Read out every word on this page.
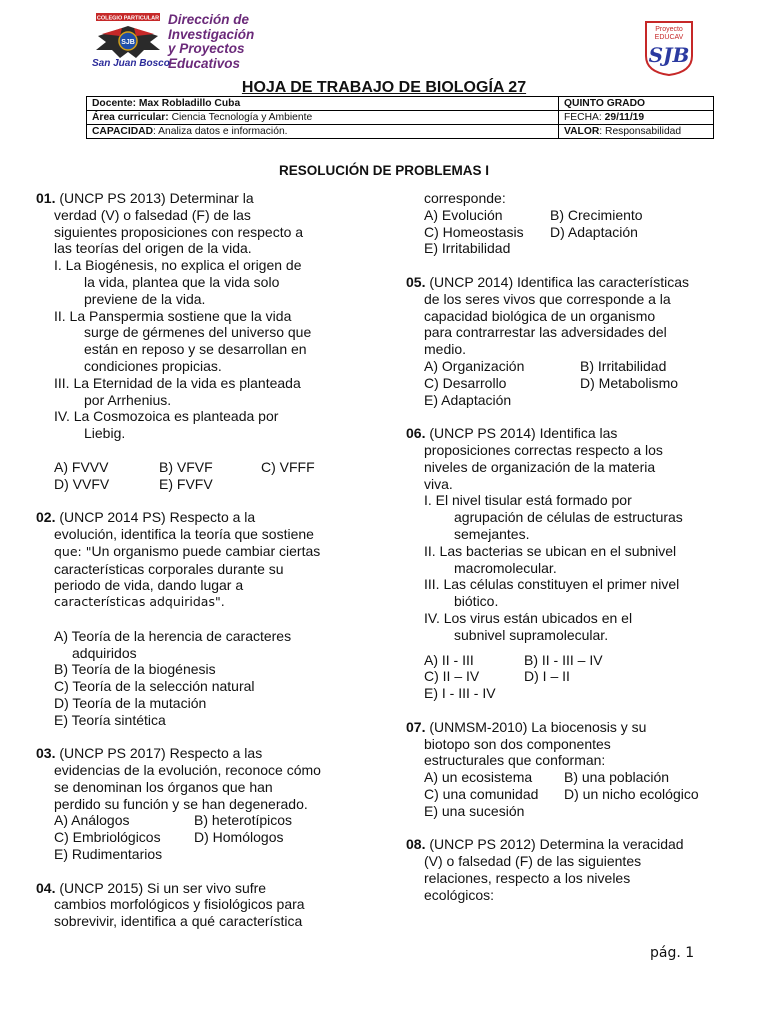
COLEGIO PARTICULAR
SJB
Dirección de
Investigación
y Proyectos
Educativos
San Juan Bosco
Proyecto
EDUCAV
SJB
HOJA DE TRABAJO DE BIOLOGÍA 27
Docente: Max Robladillo Cuba	QUINTO GRADO
Área curricular: Ciencia Tecnología y Ambiente	FECHA: 29/11/19
CAPACIDAD: Analiza datos e información.	VALOR: Responsabilidad
RESOLUCIÓN DE PROBLEMAS I
01. (UNCP PS 2013) Determinar la
verdad (V) o falsedad (F) de las
siguientes proposiciones con respecto a
las teorías del origen de la vida.
I. La Biogénesis, no explica el origen de
la vida, plantea que la vida solo
previene de la vida.
II. La Panspermia sostiene que la vida
surge de gérmenes del universo que
están en reposo y se desarrollan en
condiciones propicias.
III. La Eternidad de la vida es planteada
por Arrhenius.
IV. La Cosmozoica es planteada por
Liebig.
A) FVVV	B) VFVF	C) VFFF
D) VVFV	E) FVFV
02. (UNCP 2014 PS) Respecto a la
evolución, identifica la teoría que sostiene
que: "Un organismo puede cambiar ciertas
características corporales durante su
periodo de vida, dando lugar a
características adquiridas".
A) Teoría de la herencia de caracteres
adquiridos
B) Teoría de la biogénesis
C) Teoría de la selección natural
D) Teoría de la mutación
E) Teoría sintética
03. (UNCP PS 2017) Respecto a las
evidencias de la evolución, reconoce cómo
se denominan los órganos que han
perdido su función y se han degenerado.
A) Análogos	B) heterotípicos
C) Embriológicos D) Homólogos
E) Rudimentarios
04. (UNCP 2015) Si un ser vivo sufre
cambios morfológicos y fisiológicos para
sobrevivir, identifica a qué característica
corresponde:
A) Evolución	B) Crecimiento
C) Homeostasis D) Adaptación
E) Irritabilidad
05. (UNCP 2014) Identifica las características
de los seres vivos que corresponde a la
capacidad biológica de un organismo
para contrarrestar las adversidades del
medio.
A) Organización	B) Irritabilidad
C) Desarrollo	D) Metabolismo
E) Adaptación
06. (UNCP PS 2014) Identifica las
proposiciones correctas respecto a los
niveles de organización de la materia
viva.
I. El nivel tisular está formado por
agrupación de células de estructuras
semejantes.
II. Las bacterias se ubican en el subnivel
macromolecular.
III. Las células constituyen el primer nivel
biótico.
IV. Los virus están ubicados en el
subnivel supramolecular.
A) II - III	B) II - III – IV
C) II – IV	D) I – II
E) I - III - IV
07. (UNMSM-2010) La biocenosis y su
biotopo son dos componentes
estructurales que conforman:
A) un ecosistema B) una población
C) una comunidad D) un nicho ecológico
E) una sucesión
08. (UNCP PS 2012) Determina la veracidad
(V) o falsedad (F) de las siguientes
relaciones, respecto a los niveles
ecológicos:
pág. 1
